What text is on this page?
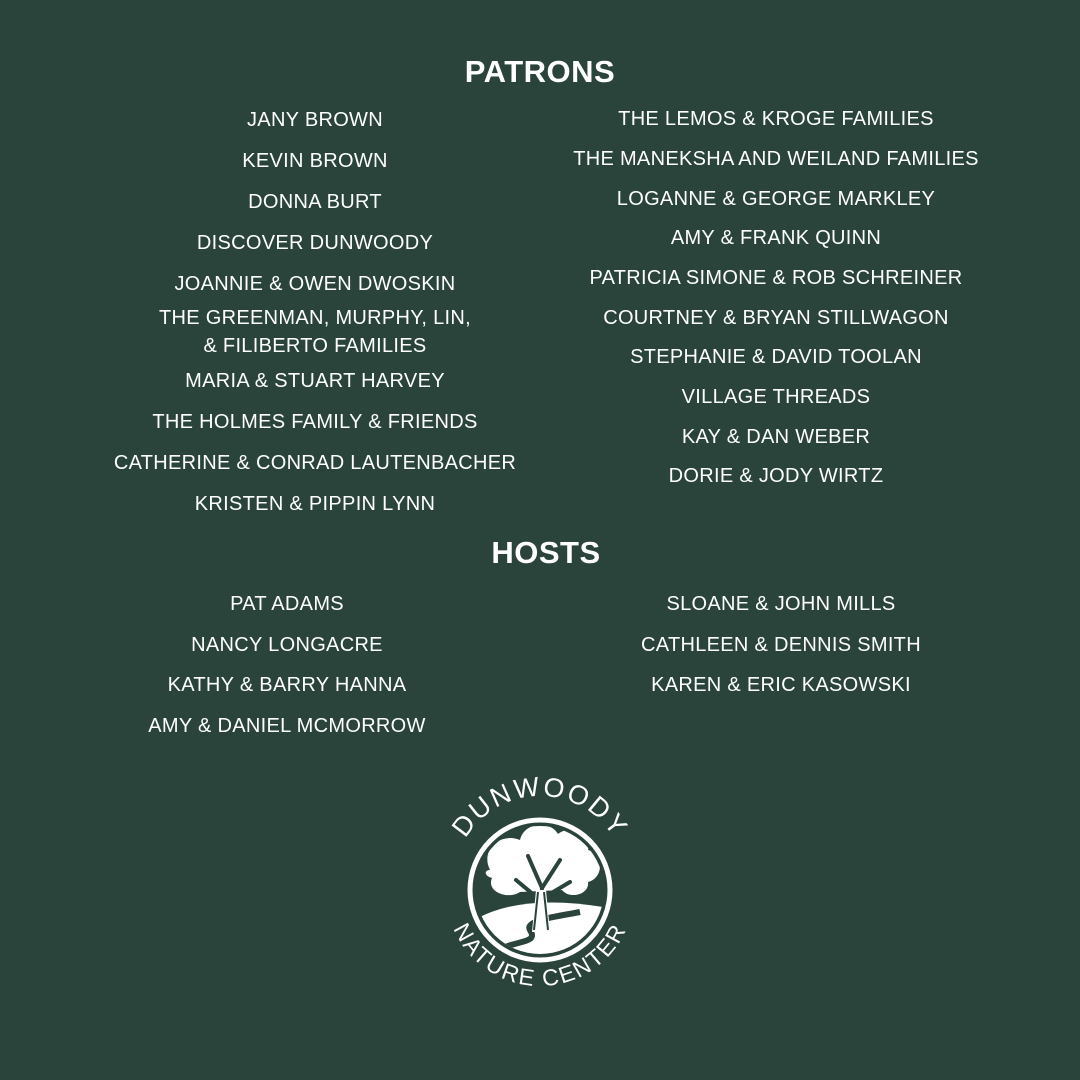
PATRONS
JANY BROWN
KEVIN BROWN
DONNA BURT
DISCOVER DUNWOODY
JOANNIE & OWEN DWOSKIN
THE GREENMAN, MURPHY, LIN,
& FILIBERTO FAMILIES
MARIA & STUART HARVEY
THE HOLMES FAMILY & FRIENDS
CATHERINE & CONRAD LAUTENBACHER
KRISTEN & PIPPIN LYNN
THE LEMOS & KROGE FAMILIES
THE MANEKSHA AND WEILAND FAMILIES
LOGANNE & GEORGE MARKLEY
AMY & FRANK QUINN
PATRICIA SIMONE & ROB SCHREINER
COURTNEY & BRYAN STILLWAGON
STEPHANIE & DAVID TOOLAN
VILLAGE THREADS
KAY & DAN WEBER
DORIE & JODY WIRTZ
HOSTS
PAT ADAMS
NANCY LONGACRE
KATHY & BARRY HANNA
AMY & DANIEL MCMORROW
SLOANE & JOHN MILLS
CATHLEEN & DENNIS SMITH
KAREN & ERIC KASOWSKI
DUNWOODY
NATURE CENTER
